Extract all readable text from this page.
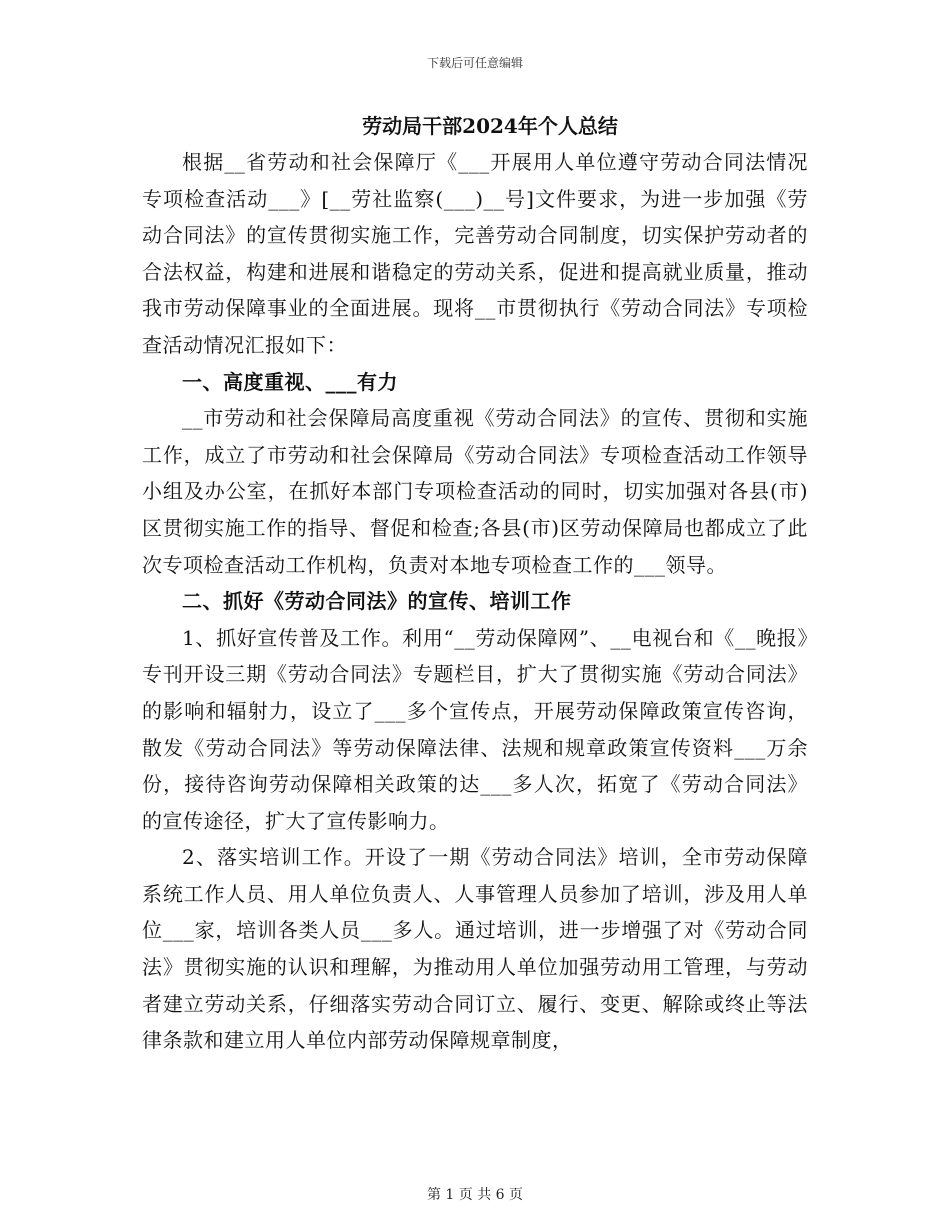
下载后可任意编辑
劳动局干部2024年个人总结

根据__省劳动和社会保障厅《___开展用人单位遵守劳动合同法情况专项检查活动___》[__劳社监察(___)__号]文件要求，为进一步加强《劳动合同法》的宣传贯彻实施工作，完善劳动合同制度，切实保护劳动者的合法权益，构建和进展和谐稳定的劳动关系，促进和提高就业质量，推动我市劳动保障事业的全面进展。现将__市贯彻执行《劳动合同法》专项检查活动情况汇报如下：

一、高度重视、___有力

__市劳动和社会保障局高度重视《劳动合同法》的宣传、贯彻和实施工作，成立了市劳动和社会保障局《劳动合同法》专项检查活动工作领导小组及办公室，在抓好本部门专项检查活动的同时，切实加强对各县(市)区贯彻实施工作的指导、督促和检查;各县(市)区劳动保障局也都成立了此次专项检查活动工作机构，负责对本地专项检查工作的___领导。

二、抓好《劳动合同法》的宣传、培训工作

1、抓好宣传普及工作。利用“__劳动保障网”、__电视台和《__晚报》专刊开设三期《劳动合同法》专题栏目，扩大了贯彻实施《劳动合同法》的影响和辐射力，设立了___多个宣传点，开展劳动保障政策宣传咨询，散发《劳动合同法》等劳动保障法律、法规和规章政策宣传资料___万余份，接待咨询劳动保障相关政策的达___多人次，拓宽了《劳动合同法》的宣传途径，扩大了宣传影响力。

2、落实培训工作。开设了一期《劳动合同法》培训，全市劳动保障系统工作人员、用人单位负责人、人事管理人员参加了培训，涉及用人单位___家，培训各类人员___多人。通过培训，进一步增强了对《劳动合同法》贯彻实施的认识和理解，为推动用人单位加强劳动用工管理，与劳动者建立劳动关系，仔细落实劳动合同订立、履行、变更、解除或终止等法律条款和建立用人单位内部劳动保障规章制度，

第 1 页 共 6 页
